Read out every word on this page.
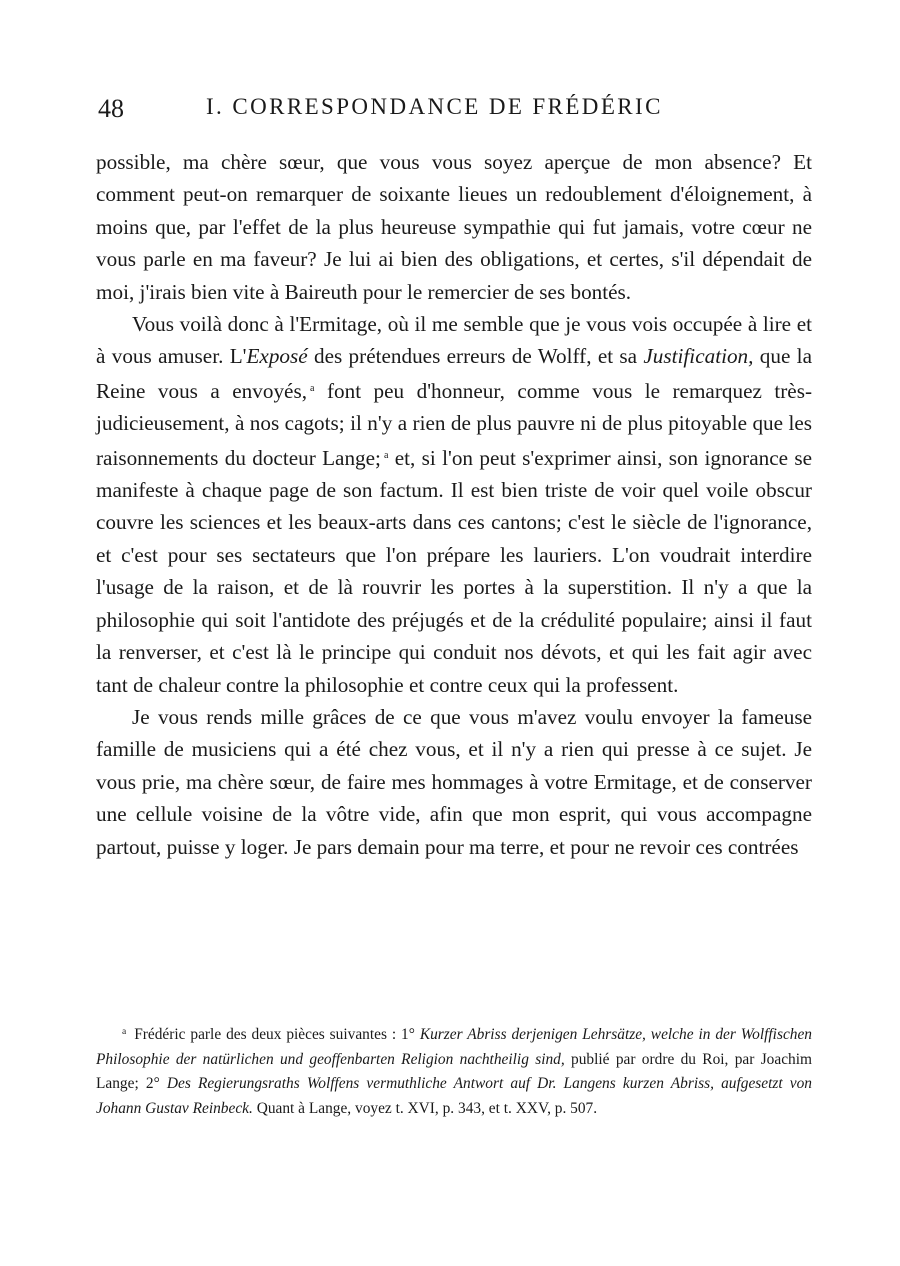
48	I. CORRESPONDANCE DE FRÉDÉRIC

possible, ma chère sœur, que vous vous soyez aperçue de mon absence? Et comment peut-on remarquer de soixante lieues un redoublement d'éloignement, à moins que, par l'effet de la plus heureuse sympathie qui fut jamais, votre cœur ne vous parle en ma faveur? Je lui ai bien des obligations, et certes, s'il dépendait de moi, j'irais bien vite à Baireuth pour le remercier de ses bontés.

Vous voilà donc à l'Ermitage, où il me semble que je vous vois occupée à lire et à vous amuser. L'Exposé des prétendues erreurs de Wolff, et sa Justification, que la Reine vous a envoyés, $^a$ font peu d'honneur, comme vous le remarquez très-judicieusement, à nos cagots; il n'y a rien de plus pauvre ni de plus pitoyable que les raisonnements du docteur Lange; $^a$ et, si l'on peut s'exprimer ainsi, son ignorance se manifeste à chaque page de son factum. Il est bien triste de voir quel voile obscur couvre les sciences et les beaux-arts dans ces cantons; c'est le siècle de l'ignorance, et c'est pour ses sectateurs que l'on prépare les lauriers. L'on voudrait interdire l'usage de la raison, et de là rouvrir les portes à la superstition. Il n'y a que la philosophie qui soit l'antidote des préjugés et de la crédulité populaire; ainsi il faut la renverser, et c'est là le principe qui conduit nos dévots, et qui les fait agir avec tant de chaleur contre la philosophie et contre ceux qui la professent.

Je vous rends mille grâces de ce que vous m'avez voulu envoyer la fameuse famille de musiciens qui a été chez vous, et il n'y a rien qui presse à ce sujet. Je vous prie, ma chère sœur, de faire mes hommages à votre Ermitage, et de conserver une cellule voisine de la vôtre vide, afin que mon esprit, qui vous accompagne partout, puisse y loger. Je pars demain pour ma terre, et pour ne revoir ces contrées

$^a$ Frédéric parle des deux pièces suivantes : 1° Kurzer Abriss derjenigen Lehrsätze, welche in der Wolffischen Philosophie der natürlichen und geoffenbarten Religion nachtheilig sind, publié par ordre du Roi, par Joachim Lange; 2° Des Regierungsraths Wolffens vermuthliche Antwort auf Dr. Langens kurzen Abriss, aufgesetzt von Johann Gustav Reinbeck. Quant à Lange, voyez t. XVI, p. 343, et t. XXV, p. 507.
